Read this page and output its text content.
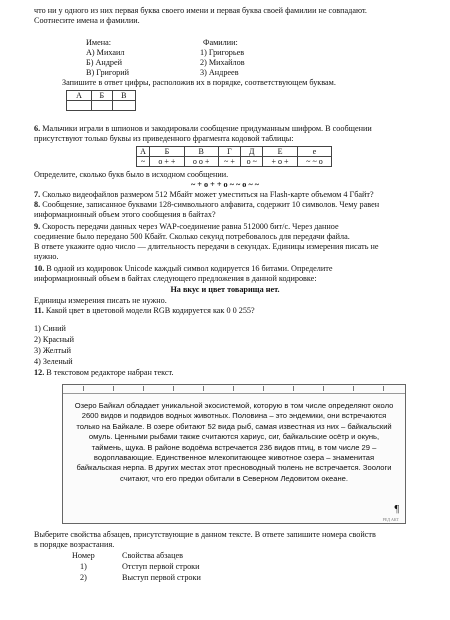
что ни у одного из них первая буква своего имени и первая буква своей фамилии не совпадают.
Соотнесите имена и фамилии.
Имена:	Фамилии:
А) Михаил	1) Григорьев
Б) Андрей	2) Михайлов
В) Григорий	3) Андреев
Запишите в ответ цифры, расположив их в порядке, соответствующем буквам.
А	Б	В

6. Мальчики играли в шпионов и закодировали сообщение придуманным шифром. В сообщении
присутствуют только буквы из приведенного фрагмента кодовой таблицы:
А	Б	В	Г	Д	Е	е
~	o + +	o o +	~ +	o ~	+ o +	~ ~ o
Определите, сколько букв было в исходном сообщении.
~ + o + + o ~ ~ o ~ ~
7. Сколько видеофайлов размером 512 Мбайт может уместиться на Flash-карте объемом 4 Гбайт?
8. Сообщение, записанное буквами 128-символьного алфавита, содержит 10 символов. Чему равен
информационный объем этого сообщения в байтах?
9. Скорость передачи данных через WAP-соединение равна 512000 бит/с. Через данное
соединение было передано 500 Кбайт. Сколько секунд потребовалось для передачи файла.
В ответе укажите одно число — длительность передачи в секундах. Единицы измерения писать не
нужно.
10. В одной из кодировок Unicode каждый символ кодируется 16 битами. Определите
информационный объем в байтах следующего предложения в данной кодировке:
На вкус и цвет товарища нет.
Единицы измерения писать не нужно.
11. Какой цвет в цветовой модели RGB кодируется как 0 0 255?
1) Синий
2) Красный
3) Желтый
4) Зеленый
12. В текстовом редакторе набран текст.
Озеро Байкал обладает уникальной экосистемой, которую в том числе определяют около 2600 видов и подвидов водных животных. Половина – это эндемики, они встречаются только на Байкале. В озере обитают 52 вида рыб, самая известная из них – байкальский омуль. Ценными рыбами также считаются хариус, сиг, байкальские осётр и окунь, таймень, щука. В районе водоёма встречается 236 видов птиц, в том числе 29 – водоплавающие. Единственное млекопитающее животное озера – знаменитая байкальская нерпа. В других местах этот пресноводный тюлень не встречается. Зоологи считают, что его предки обитали в Северном Ледовитом океане.
¶
РЕД АКТ
Выберите свойства абзацев, присутствующие в данном тексте. В ответе запишите номера свойств
в порядке возрастания.
Номер	Свойства абзацев
1)	Отступ первой строки
2)	Выступ первой строки
